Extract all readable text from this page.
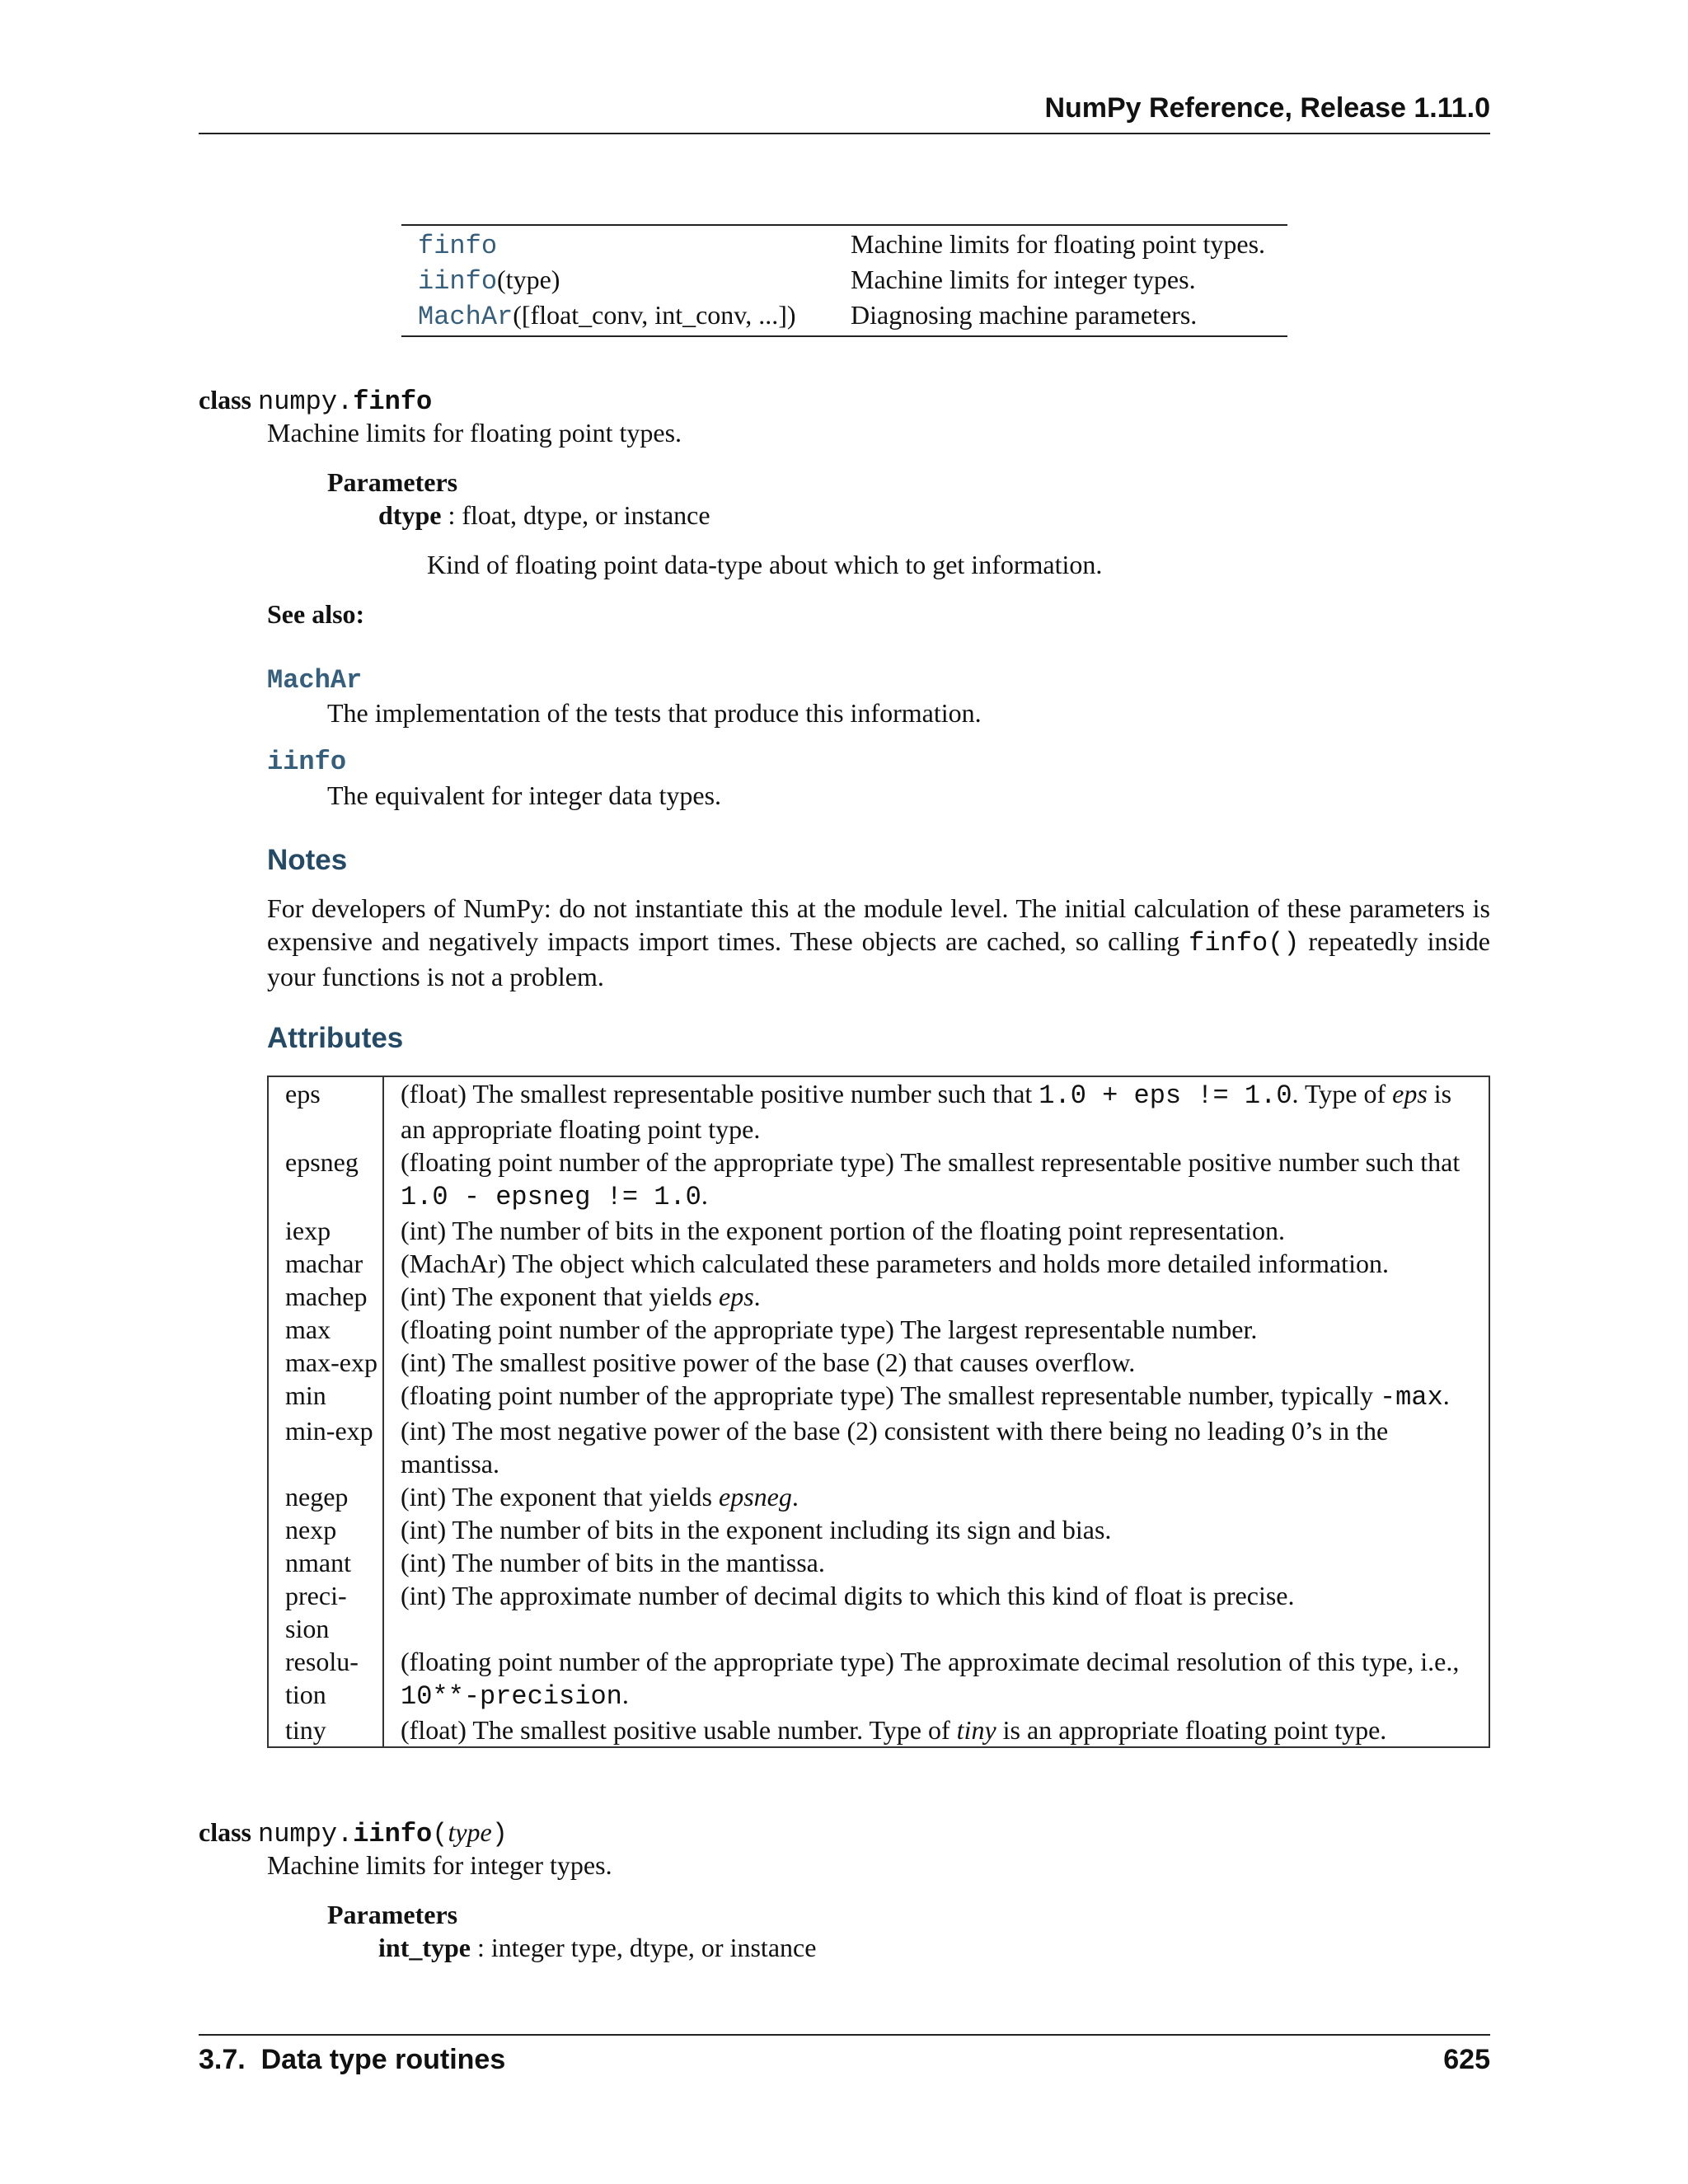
NumPy Reference, Release 1.11.0
finfo	Machine limits for floating point types.
iinfo(type)	Machine limits for integer types.
MachAr([float_conv, int_conv, ...])	Diagnosing machine parameters.
class numpy.finfo
Machine limits for floating point types.
Parameters
dtype : float, dtype, or instance
Kind of floating point data-type about which to get information.
See also:
MachAr
The implementation of the tests that produce this information.
iinfo
The equivalent for integer data types.
Notes
For developers of NumPy: do not instantiate this at the module level. The initial calculation of these parameters is expensive and negatively impacts import times. These objects are cached, so calling finfo() repeatedly inside your functions is not a problem.
Attributes
eps	(float) The smallest representable positive number such that 1.0 + eps != 1.0. Type of eps is an appropriate floating point type.
epsneg	(floating point number of the appropriate type) The smallest representable positive number such that 1.0 - epsneg != 1.0.
iexp	(int) The number of bits in the exponent portion of the floating point representation.
machar	(MachAr) The object which calculated these parameters and holds more detailed information.
machep	(int) The exponent that yields eps.
max	(floating point number of the appropriate type) The largest representable number.
max-exp	(int) The smallest positive power of the base (2) that causes overflow.
min	(floating point number of the appropriate type) The smallest representable number, typically -max.
min-exp	(int) The most negative power of the base (2) consistent with there being no leading 0’s in the mantissa.
negep	(int) The exponent that yields epsneg.
nexp	(int) The number of bits in the exponent including its sign and bias.
nmant	(int) The number of bits in the mantissa.
preci-sion	(int) The approximate number of decimal digits to which this kind of float is precise.
resolu-tion	(floating point number of the appropriate type) The approximate decimal resolution of this type, i.e., 10**-precision.
tiny	(float) The smallest positive usable number. Type of tiny is an appropriate floating point type.
class numpy.iinfo(type)
Machine limits for integer types.
Parameters
int_type : integer type, dtype, or instance
3.7.  Data type routines	625
